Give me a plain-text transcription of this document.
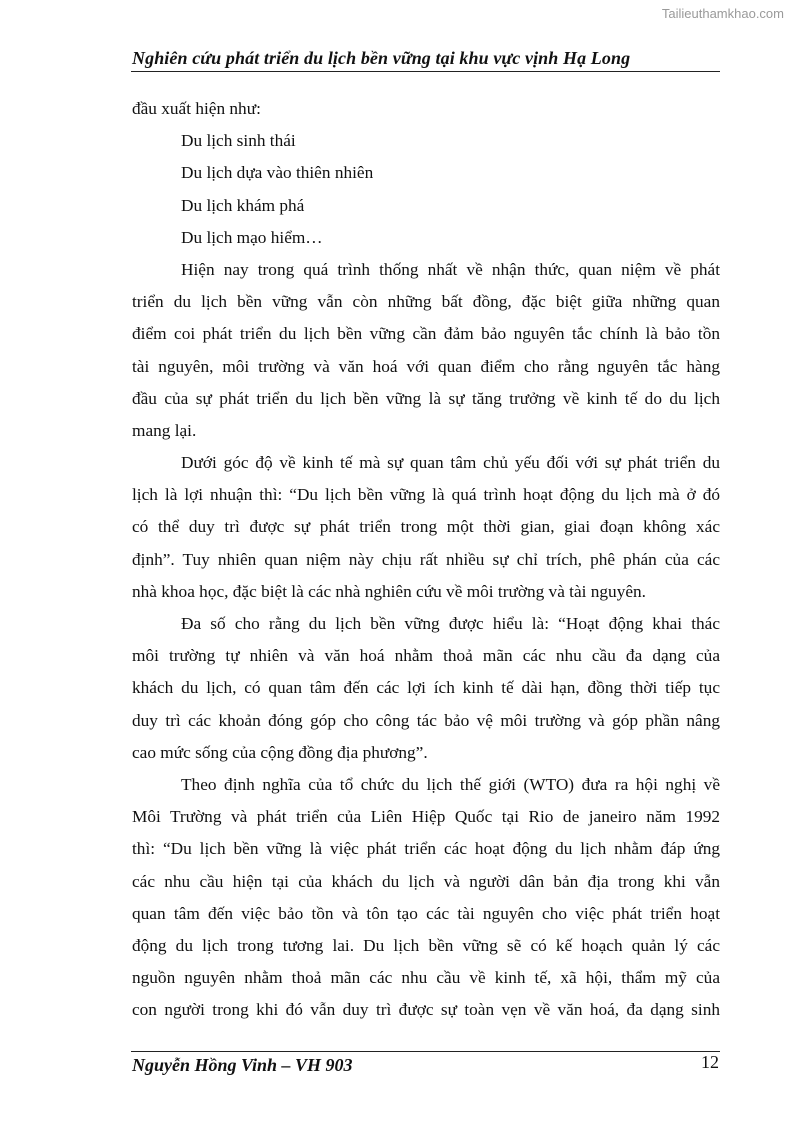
Tailieuthamkhao.com
Nghiên cứu phát triển du lịch bền vững tại khu vực vịnh Hạ Long
đầu xuất hiện như:
Du lịch sinh thái
Du lịch dựa vào thiên nhiên
Du lịch khám phá
Du lịch mạo hiểm…
Hiện nay trong quá trình thống nhất về nhận thức, quan niệm về phát
triển du lịch bền vững vẫn còn những bất đồng, đặc biệt giữa những quan
điểm coi phát triển du lịch bền vững cần đảm bảo nguyên tắc chính là bảo tồn
tài nguyên, môi trường và văn hoá với quan điểm cho rằng nguyên tắc hàng
đầu của sự phát triển du lịch bền vững là sự tăng trưởng về kinh tế do du lịch
mang lại.
Dưới góc độ về kinh tế mà sự quan tâm chủ yếu đối với sự phát triển du
lịch là lợi nhuận thì: “Du lịch bền vững là quá trình hoạt động du lịch mà ở đó
có thể duy trì được sự phát triển trong một thời gian, giai đoạn không xác
định”. Tuy nhiên quan niệm này chịu rất nhiều sự chỉ trích, phê phán của các
nhà khoa học, đặc biệt là các nhà nghiên cứu về môi trường và tài nguyên.
Đa số cho rằng du lịch bền vững được hiểu là: “Hoạt động khai thác
môi trường tự nhiên và văn hoá nhằm thoả mãn các nhu cầu đa dạng của
khách du lịch, có quan tâm đến các lợi ích kinh tế dài hạn, đồng thời tiếp tục
duy trì các khoản đóng góp cho công tác bảo vệ môi trường và góp phần nâng
cao mức sống của cộng đồng địa phương”.
Theo định nghĩa của tổ chức du lịch thế giới (WTO) đưa ra hội nghị về
Môi Trường và phát triển của Liên Hiệp Quốc tại Rio de janeiro năm 1992
thì: “Du lịch bền vững là việc phát triển các hoạt động du lịch nhằm đáp ứng
các nhu cầu hiện tại của khách du lịch và người dân bản địa trong khi vẫn
quan tâm đến việc bảo tồn và tôn tạo các tài nguyên cho việc phát triển hoạt
động du lịch trong tương lai. Du lịch bền vững sẽ có kế hoạch quản lý các
nguồn nguyên nhằm thoả mãn các nhu cầu về kinh tế, xã hội, thẩm mỹ của
con người trong khi đó vẫn duy trì được sự toàn vẹn về văn hoá, đa dạng sinh
Nguyễn Hồng Vinh – VH 903	12
